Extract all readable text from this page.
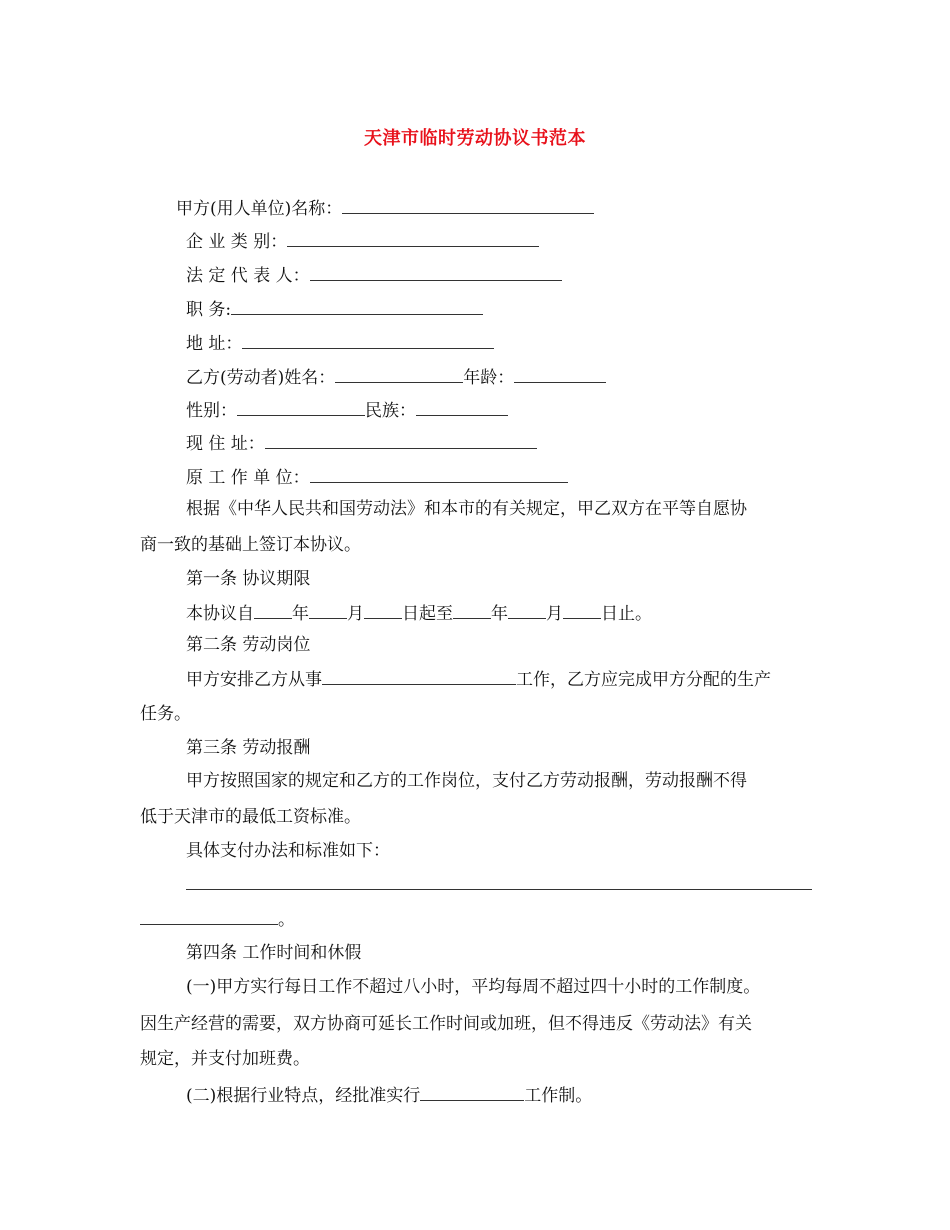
天津市临时劳动协议书范本
甲方(用人单位)名称：
企 业 类 别：
法 定 代 表 人：
职 务:
地 址：
乙方(劳动者)姓名：	年龄：
性别：	民族：
现 住 址：
原 工 作 单 位：
根据《中华人民共和国劳动法》和本市的有关规定，甲乙双方在平等自愿协
商一致的基础上签订本协议。
第一条 协议期限
本协议自 年 月 日起至 年 月 日止。
第二条 劳动岗位
甲方安排乙方从事	工作，乙方应完成甲方分配的生产
任务。
第三条 劳动报酬
甲方按照国家的规定和乙方的工作岗位，支付乙方劳动报酬，劳动报酬不得
低于天津市的最低工资标准。
具体支付办法和标准如下：
。
第四条 工作时间和休假
(一)甲方实行每日工作不超过八小时，平均每周不超过四十小时的工作制度。
因生产经营的需要，双方协商可延长工作时间或加班，但不得违反《劳动法》有关
规定，并支付加班费。
(二)根据行业特点，经批准实行	工作制。
